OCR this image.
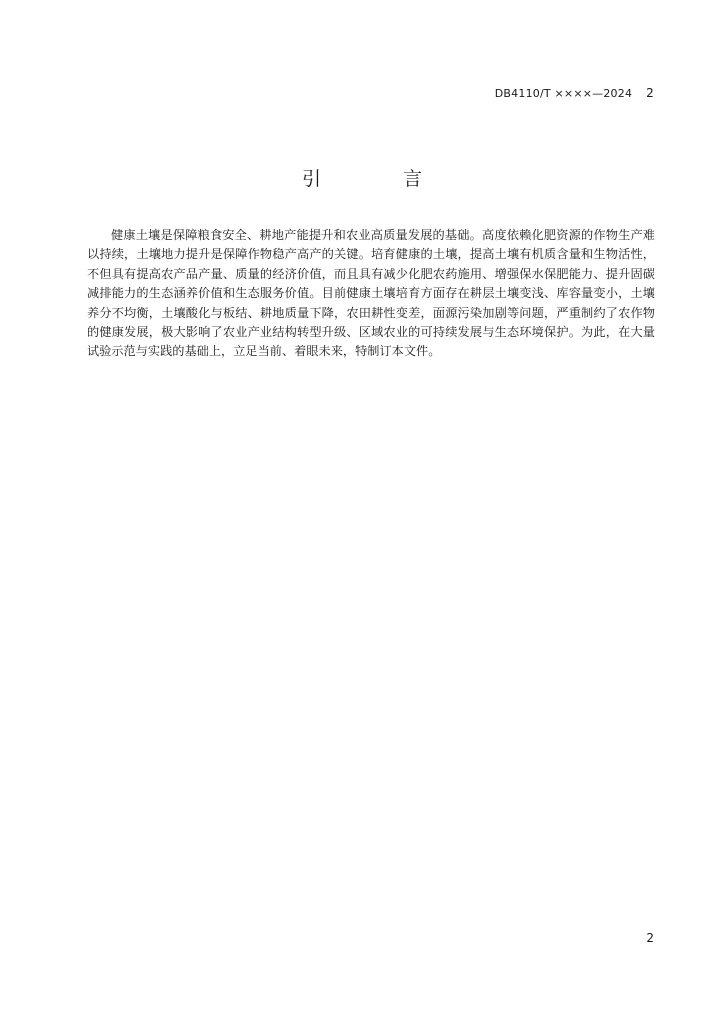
DB4110/T ××××—2024 2
引 言

健康土壤是保障粮食安全、耕地产能提升和农业高质量发展的基础。高度依赖化肥资源的作物生产难以持续，土壤地力提升是保障作物稳产高产的关键。培育健康的土壤，提高土壤有机质含量和生物活性，不但具有提高农产品产量、质量的经济价值，而且具有减少化肥农药施用、增强保水保肥能力、提升固碳减排能力的生态涵养价值和生态服务价值。目前健康土壤培育方面存在耕层土壤变浅、库容量变小，土壤养分不均衡，土壤酸化与板结、耕地质量下降，农田耕性变差，面源污染加剧等问题，严重制约了农作物的健康发展，极大影响了农业产业结构转型升级、区域农业的可持续发展与生态环境保护。为此，在大量试验示范与实践的基础上，立足当前、着眼未来，特制订本文件。

2
